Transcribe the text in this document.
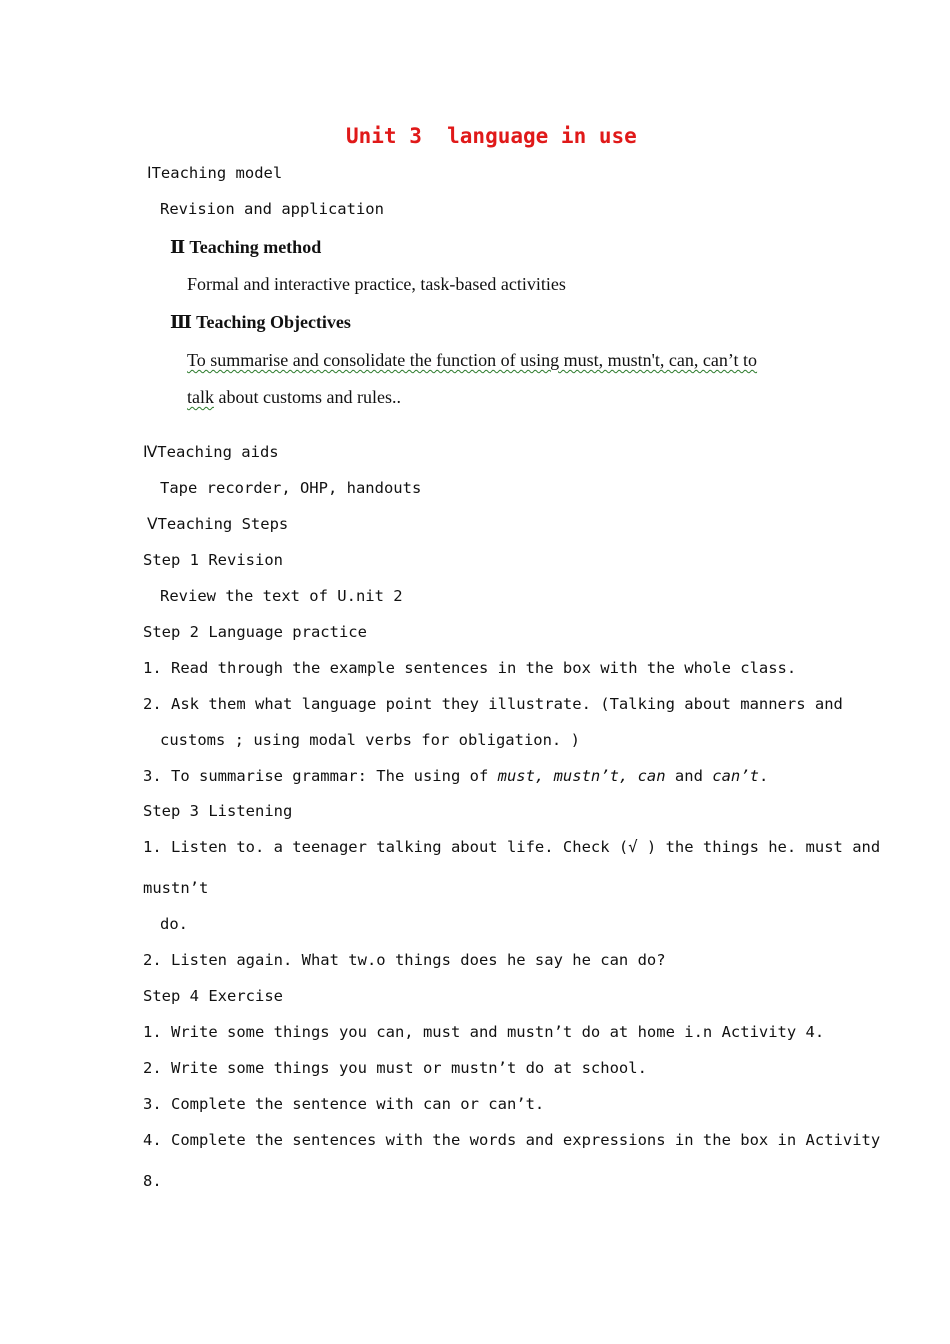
Unit 3  language in use
ⅠTeaching model
Revision and application
Ⅱ Teaching method
Formal and interactive practice, task-based activities
Ⅲ Teaching Objectives
To summarise and consolidate the function of using must, mustn't, can, can’t to
talk about customs and rules..
ⅣTeaching aids
Tape recorder, OHP, handouts
ⅤTeaching Steps
Step 1 Revision
Review the text of U.nit 2
Step 2 Language practice
1. Read through the example sentences in the box with the whole class.
2. Ask them what language point they illustrate. (Talking about manners and
customs ; using modal verbs for obligation. )
3. To summarise grammar: The using of must, mustn’t, can and can’t.
Step 3 Listening
1. Listen to. a teenager talking about life. Check (√ ) the things he. must and
mustn’t
do.
2. Listen again. What tw.o things does he say he can do?
Step 4 Exercise
1. Write some things you can, must and mustn’t do at home i.n Activity 4.
2. Write some things you must or mustn’t do at school.
3. Complete the sentence with can or can’t.
4. Complete the sentences with the words and expressions in the box in Activity
8.
